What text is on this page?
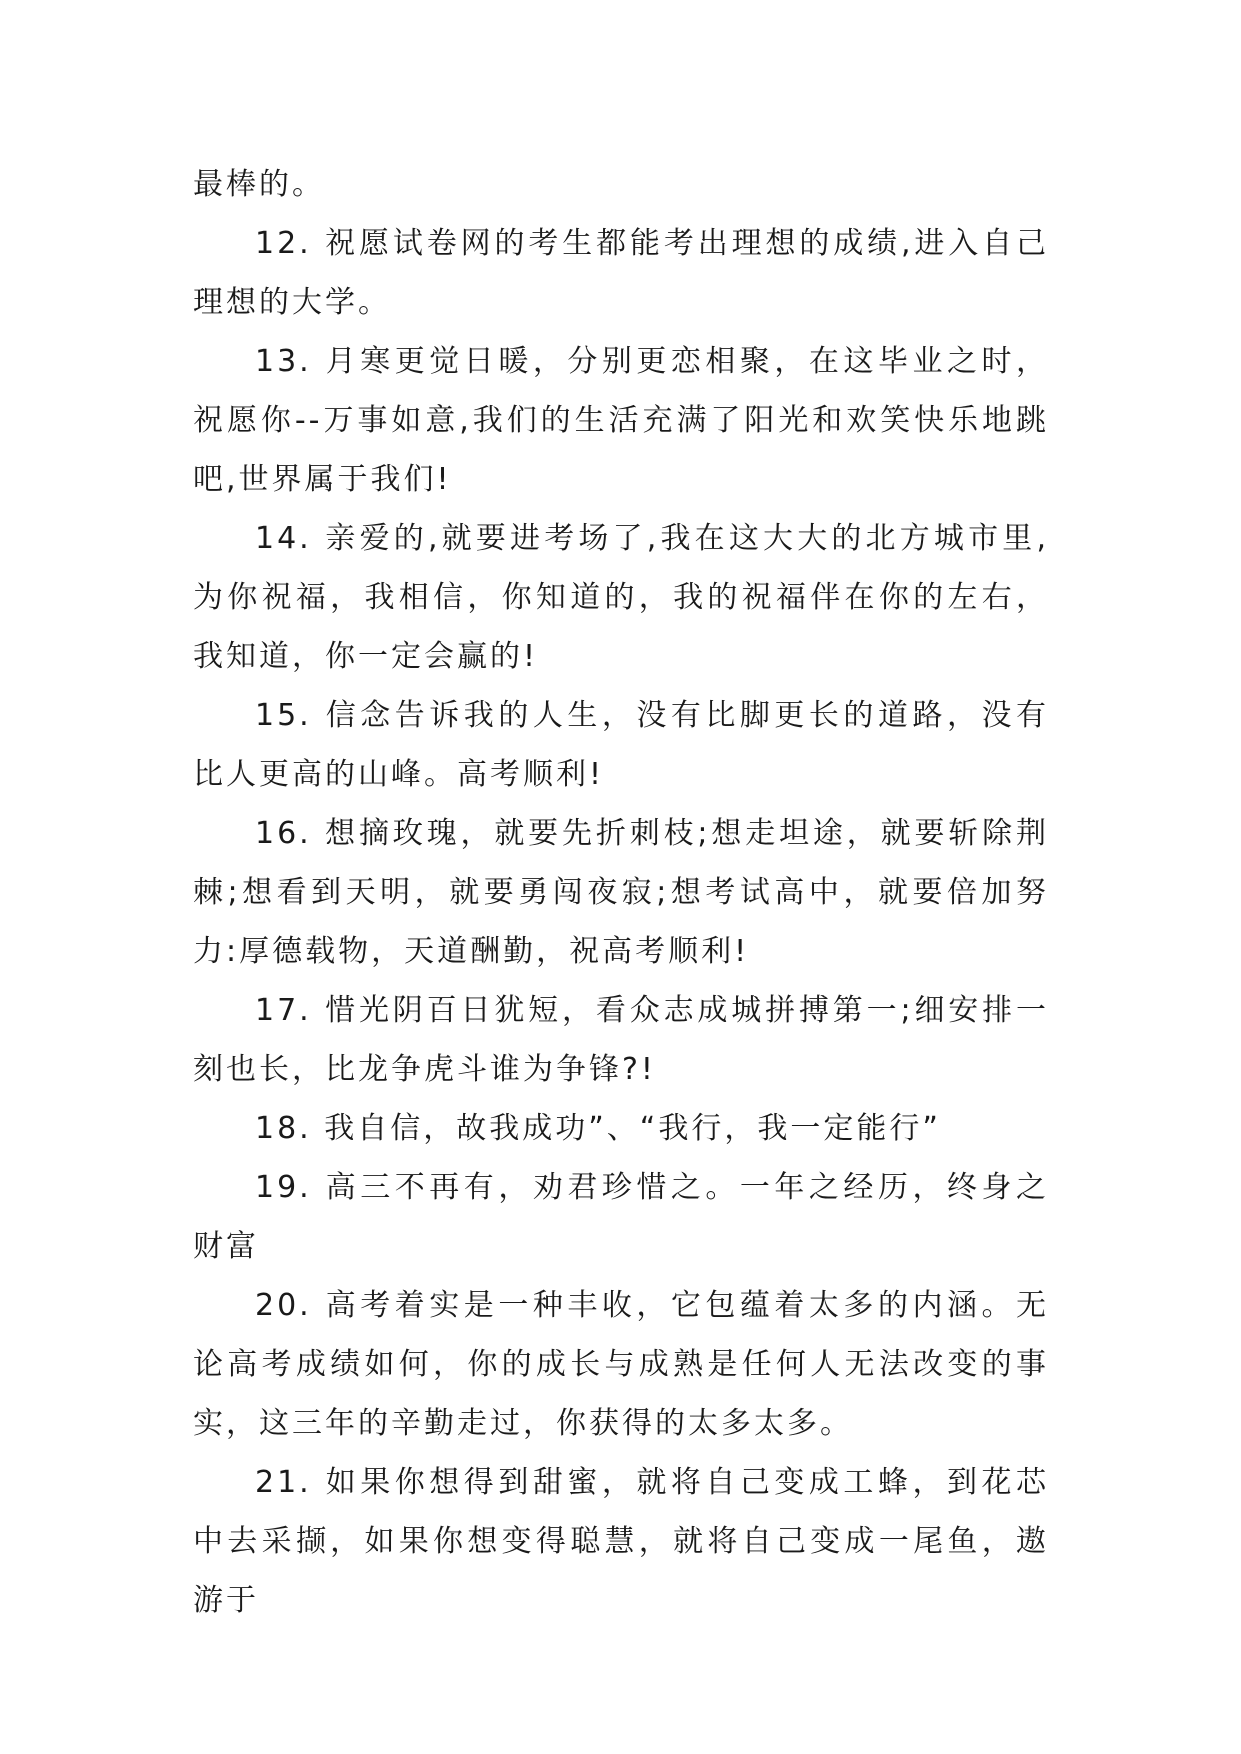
最棒的。

12. 祝愿试卷网的考生都能考出理想的成绩,进入自己理想的大学。

13. 月寒更觉日暖，分别更恋相聚，在这毕业之时，祝愿你--万事如意,我们的生活充满了阳光和欢笑快乐地跳吧,世界属于我们!

14. 亲爱的,就要进考场了,我在这大大的北方城市里,为你祝福，我相信，你知道的，我的祝福伴在你的左右，我知道，你一定会赢的!

15. 信念告诉我的人生，没有比脚更长的道路，没有比人更高的山峰。高考顺利!

16. 想摘玫瑰，就要先折刺枝;想走坦途，就要斩除荆棘;想看到天明，就要勇闯夜寂;想考试高中，就要倍加努力:厚德载物，天道酬勤，祝高考顺利!

17. 惜光阴百日犹短，看众志成城拼搏第一;细安排一刻也长，比龙争虎斗谁为争锋?!

18. 我自信，故我成功”、“我行，我一定能行”

19. 高三不再有，劝君珍惜之。一年之经历，终身之财富

20. 高考着实是一种丰收，它包蕴着太多的内涵。无论高考成绩如何，你的成长与成熟是任何人无法改变的事实，这三年的辛勤走过，你获得的太多太多。

21. 如果你想得到甜蜜，就将自己变成工蜂，到花芯中去采撷，如果你想变得聪慧，就将自己变成一尾鱼，遨游于
